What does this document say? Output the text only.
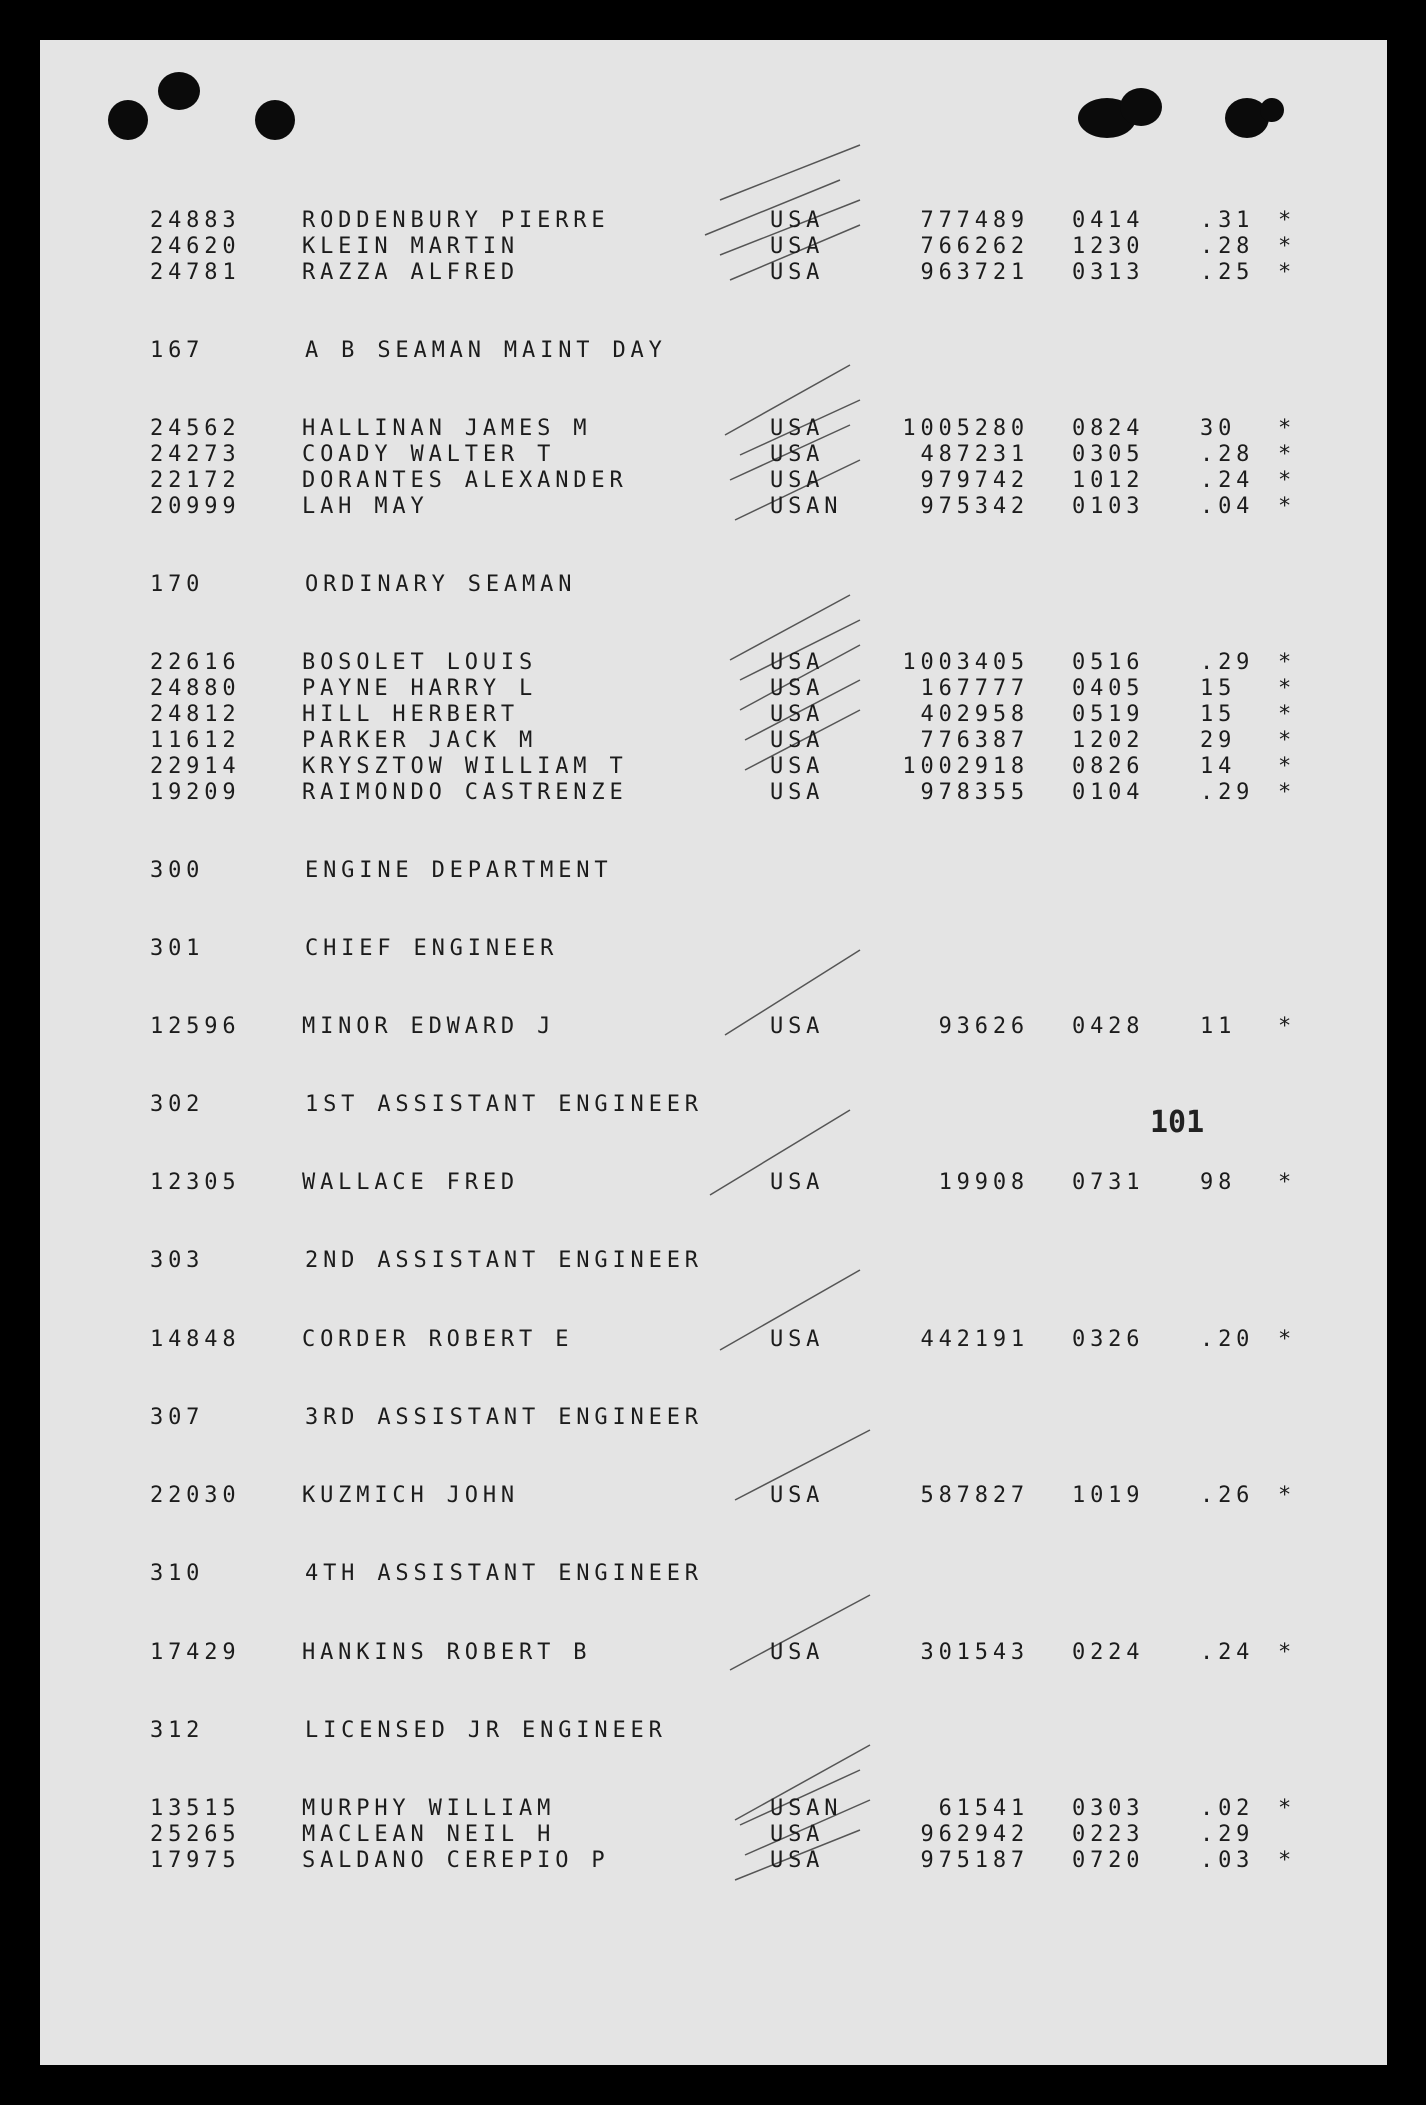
24883	RODDENBURY PIERRE	USA	777489 0414	.31 *
24620	KLEIN MARTIN	USA	766262 1230	.28 *
24781	RAZZA ALFRED	USA	963721 0313	.25 *
167	A B SEAMAN MAINT DAY
24562	HALLINAN JAMES M	USA	1005280 0824	30 *
24273	COADY WALTER T	USA	487231 0305	.28 *
22172	DORANTES ALEXANDER	USA	979742 1012	.24 *
20999	LAH MAY	USAN	975342 0103	.04 *
170	ORDINARY SEAMAN
22616	BOSOLET LOUIS	USA	1003405 0516	.29 *
24880	PAYNE HARRY L	USA	167777 0405	15 *
24812	HILL HERBERT	USA	402958 0519	15 *
11612	PARKER JACK M	USA	776387 1202	29 *
22914	KRYSZTOW WILLIAM T	USA	1002918 0826	14 *
19209	RAIMONDO CASTRENZE	USA	978355 0104	.29 *
300	ENGINE DEPARTMENT
301	CHIEF ENGINEER
12596	MINOR EDWARD J	USA	93626 0428	11 *
302	1ST ASSISTANT ENGINEER
12305	WALLACE FRED	USA	19908 0731	98 *
303	2ND ASSISTANT ENGINEER
14848	CORDER ROBERT E	USA	442191 0326	.20 *
307	3RD ASSISTANT ENGINEER
22030	KUZMICH JOHN	USA	587827 1019	.26 *
310	4TH ASSISTANT ENGINEER
17429	HANKINS ROBERT B	USA	301543 0224	.24 *
312	LICENSED JR ENGINEER
13515	MURPHY WILLIAM	USAN	61541 0303	.02 *
25265	MACLEAN NEIL H	USA	962942 0223	.29
17975	SALDANO CEREPIO P	USA	975187 0720	.03 *
101
